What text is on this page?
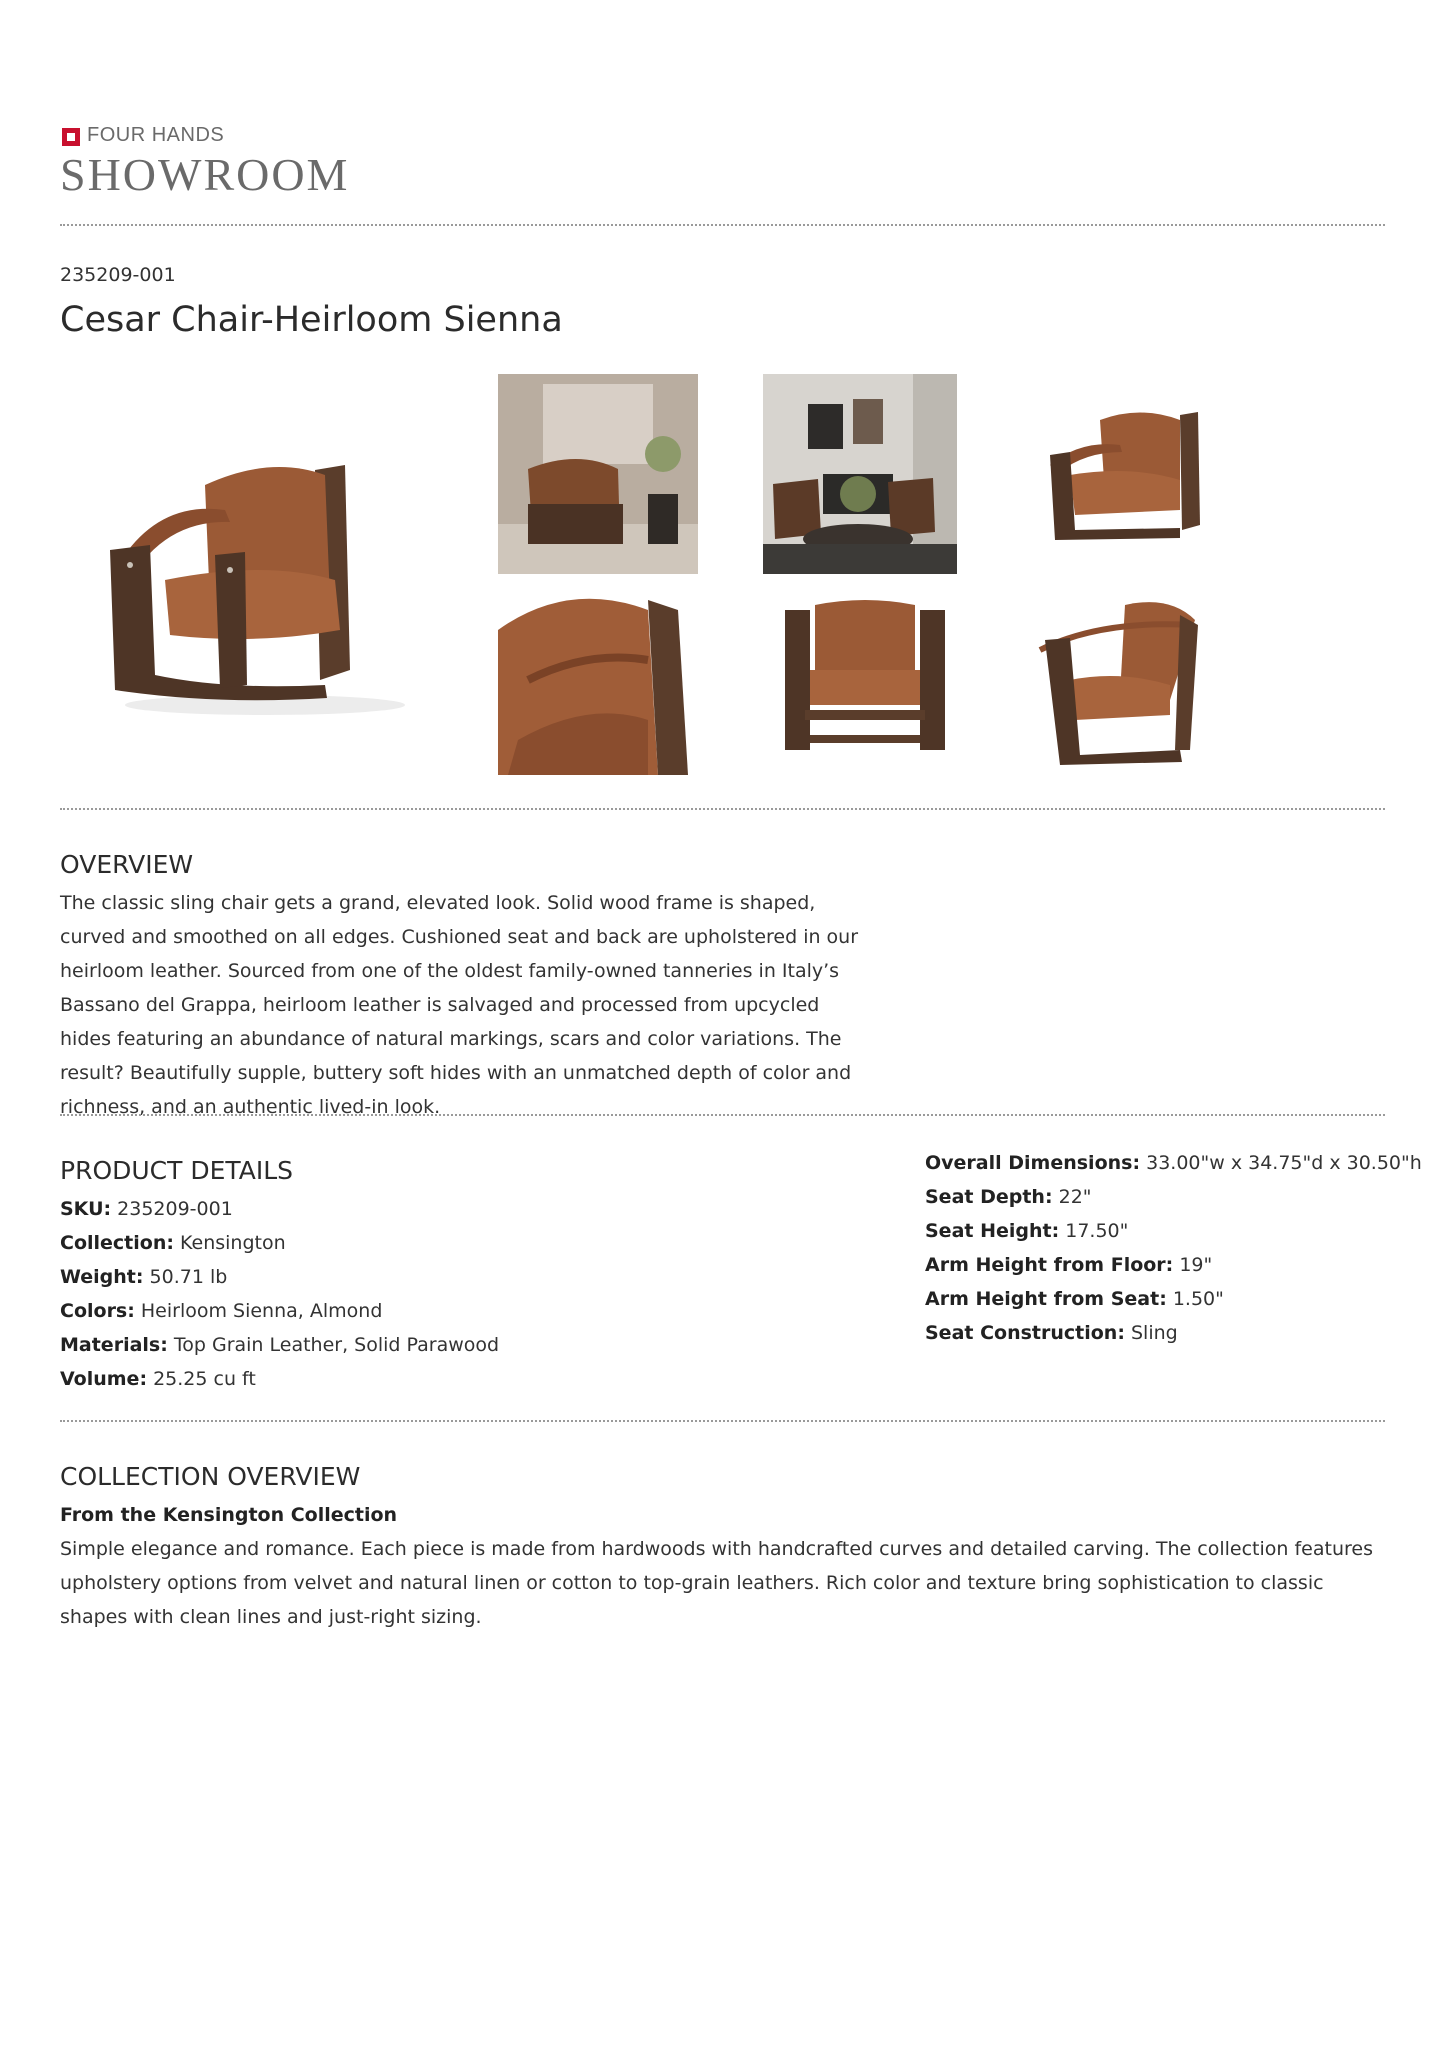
FOUR HANDS
SHOWROOM
235209-001
Cesar Chair-Heirloom Sienna
OVERVIEW
The classic sling chair gets a grand, elevated look. Solid wood frame is shaped, curved and smoothed on all edges. Cushioned seat and back are upholstered in our heirloom leather. Sourced from one of the oldest family-owned tanneries in Italy’s Bassano del Grappa, heirloom leather is salvaged and processed from upcycled hides featuring an abundance of natural markings, scars and color variations. The result? Beautifully supple, buttery soft hides with an unmatched depth of color and richness, and an authentic lived-in look.
PRODUCT DETAILS
SKU: 235209-001
Collection: Kensington
Weight: 50.71 lb
Colors: Heirloom Sienna, Almond
Materials: Top Grain Leather, Solid Parawood
Volume: 25.25 cu ft
Overall Dimensions: 33.00"w x 34.75"d x 30.50"h
Seat Depth: 22"
Seat Height: 17.50"
Arm Height from Floor: 19"
Arm Height from Seat: 1.50"
Seat Construction: Sling
COLLECTION OVERVIEW
From the Kensington Collection
Simple elegance and romance. Each piece is made from hardwoods with handcrafted curves and detailed carving. The collection features upholstery options from velvet and natural linen or cotton to top-grain leathers. Rich color and texture bring sophistication to classic shapes with clean lines and just-right sizing.
